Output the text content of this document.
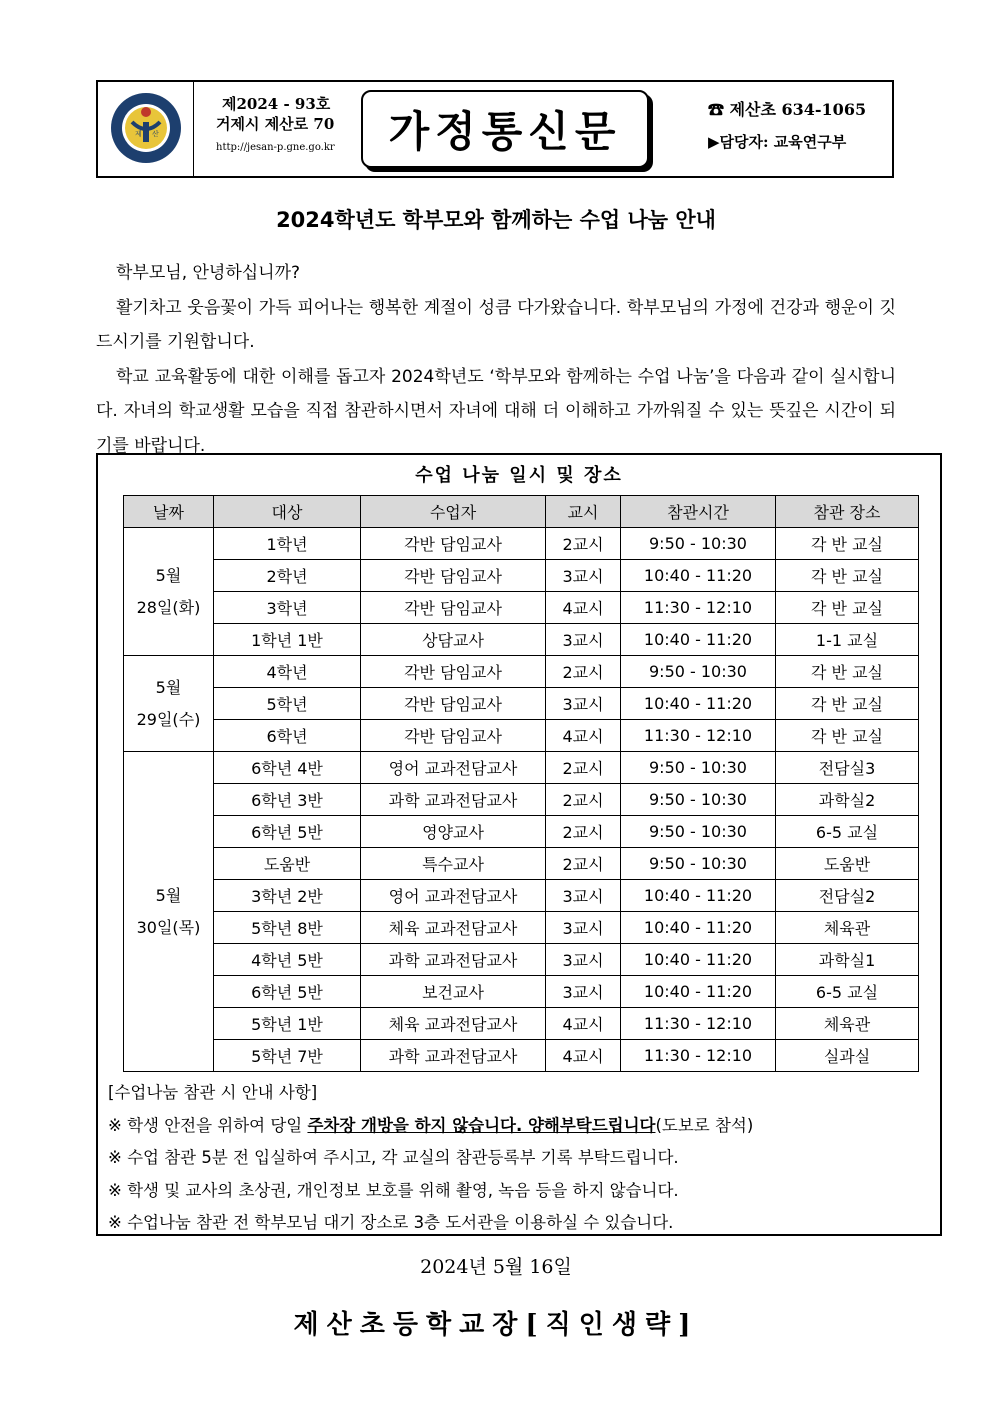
제 산
제2024 - 93호
거제시 제산로 70
http://jesan-p.gne.go.kr	가정통신문	☎ 제산초 634-1065
▶담당자: 교육연구부
2024학년도 학부모와 함께하는 수업 나눔 안내

학부모님, 안녕하십니까?

활기차고 웃음꽃이 가득 피어나는 행복한 계절이 성큼 다가왔습니다. 학부모님의 가정에 건강과 행운이 깃드시기를 기원합니다.

학교 교육활동에 대한 이해를 돕고자 2024학년도 ‘학부모와 함께하는 수업 나눔’을 다음과 같이 실시합니다. 자녀의 학교생활 모습을 직접 참관하시면서 자녀에 대해 더 이해하고 가까워질 수 있는 뜻깊은 시간이 되기를 바랍니다.

수업 나눔 일시 및 장소
날짜	대상	수업자	교시	참관시간	참관 장소

5월
28일(화)	1학년	각반 담임교사	2교시	9:50 - 10:30	각 반 교실
	2학년	각반 담임교사	3교시	10:40 - 11:20	각 반 교실
	3학년	각반 담임교사	4교시	11:30 - 12:10	각 반 교실
	1학년 1반	상담교사	3교시	10:40 - 11:20	1-1 교실

5월
29일(수)	4학년	각반 담임교사	2교시	9:50 - 10:30	각 반 교실
	5학년	각반 담임교사	3교시	10:40 - 11:20	각 반 교실
	6학년	각반 담임교사	4교시	11:30 - 12:10	각 반 교실

5월
30일(목)	6학년 4반	영어 교과전담교사	2교시	9:50 - 10:30	전담실3
	6학년 3반	과학 교과전담교사	2교시	9:50 - 10:30	과학실2
	6학년 5반	영양교사	2교시	9:50 - 10:30	6-5 교실
	도움반	특수교사	2교시	9:50 - 10:30	도움반
	3학년 2반	영어 교과전담교사	3교시	10:40 - 11:20	전담실2
	5학년 8반	체육 교과전담교사	3교시	10:40 - 11:20	체육관
	4학년 5반	과학 교과전담교사	3교시	10:40 - 11:20	과학실1
	6학년 5반	보건교사	3교시	10:40 - 11:20	6-5 교실
	5학년 1반	체육 교과전담교사	4교시	11:30 - 12:10	체육관
	5학년 7반	과학 교과전담교사	4교시	11:30 - 12:10	실과실
[수업나눔 참관 시 안내 사항]
※ 학생 안전을 위하여 당일 주차장 개방을 하지 않습니다. 양해부탁드립니다(도보로 참석)
※ 수업 참관 5분 전 입실하여 주시고, 각 교실의 참관등록부 기록 부탁드립니다.
※ 학생 및 교사의 초상권, 개인정보 보호를 위해 촬영, 녹음 등을 하지 않습니다.
※ 수업나눔 참관 전 학부모님 대기 장소로 3층 도서관을 이용하실 수 있습니다.
2024년 5월 16일
제산초등학교장[직인생략]
